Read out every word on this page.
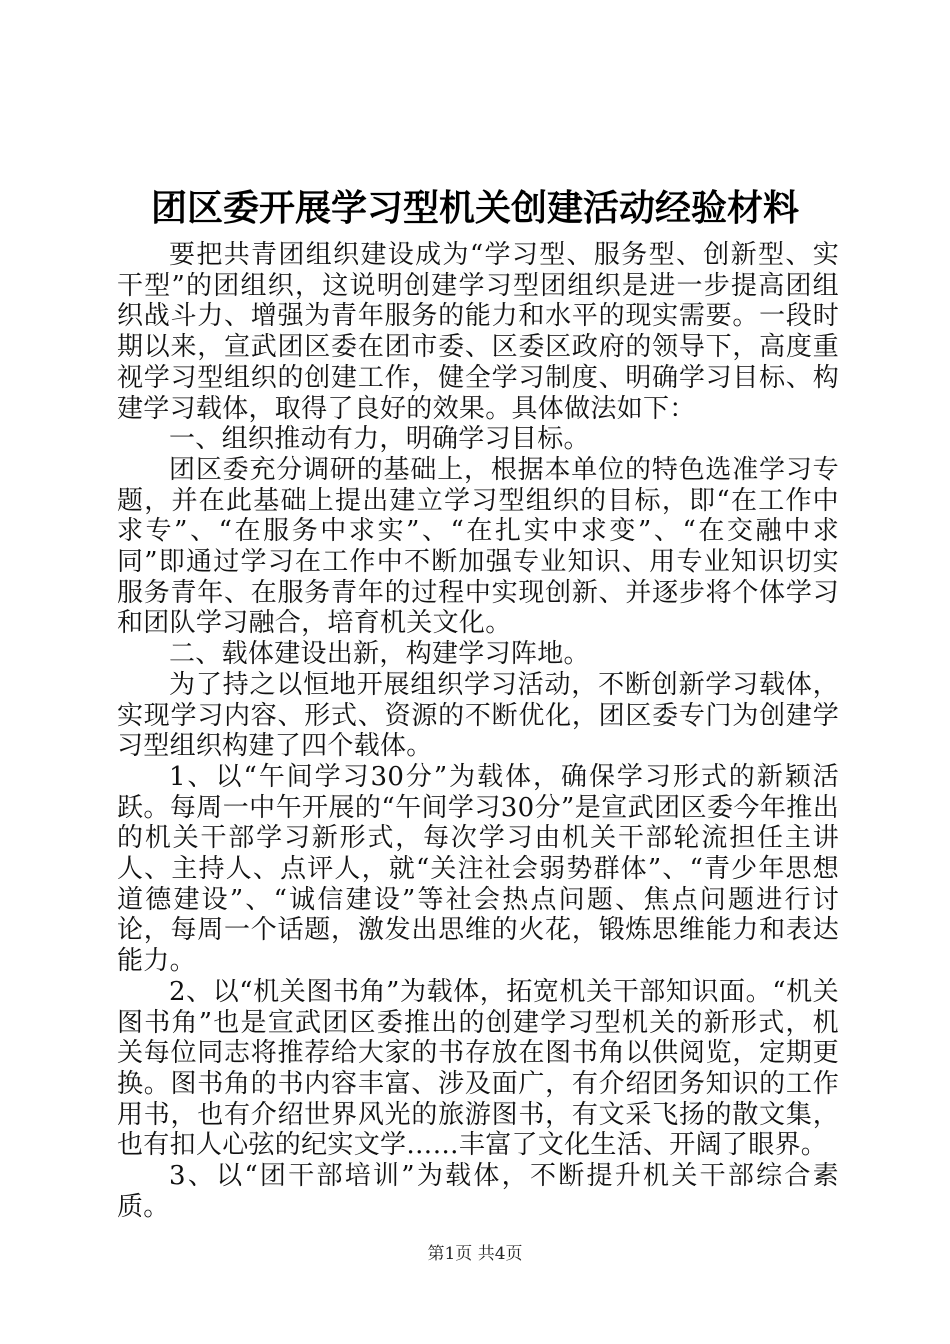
团区委开展学习型机关创建活动经验材料

要把共青团组织建设成为“学习型、服务型、创新型、实干型”的团组织，这说明创建学习型团组织是进一步提高团组织战斗力、增强为青年服务的能力和水平的现实需要。一段时期以来，宣武团区委在团市委、区委区政府的领导下，高度重视学习型组织的创建工作，健全学习制度、明确学习目标、构建学习载体，取得了良好的效果。具体做法如下：

一、组织推动有力，明确学习目标。

团区委充分调研的基础上，根据本单位的特色选准学习专题，并在此基础上提出建立学习型组织的目标，即“在工作中求专”、“在服务中求实”、“在扎实中求变”、“在交融中求同”即通过学习在工作中不断加强专业知识、用专业知识切实服务青年、在服务青年的过程中实现创新、并逐步将个体学习和团队学习融合，培育机关文化。

二、载体建设出新，构建学习阵地。

为了持之以恒地开展组织学习活动，不断创新学习载体，实现学习内容、形式、资源的不断优化，团区委专门为创建学习型组织构建了四个载体。

1、以“午间学习30分”为载体，确保学习形式的新颖活跃。每周一中午开展的“午间学习30分”是宣武团区委今年推出的机关干部学习新形式，每次学习由机关干部轮流担任主讲人、主持人、点评人，就“关注社会弱势群体”、“青少年思想道德建设”、“诚信建设”等社会热点问题、焦点问题进行讨论，每周一个话题，激发出思维的火花，锻炼思维能力和表达能力。

2、以“机关图书角”为载体，拓宽机关干部知识面。“机关图书角”也是宣武团区委推出的创建学习型机关的新形式，机关每位同志将推荐给大家的书存放在图书角以供阅览，定期更换。图书角的书内容丰富、涉及面广，有介绍团务知识的工作用书，也有介绍世界风光的旅游图书，有文采飞扬的散文集，也有扣人心弦的纪实文学……丰富了文化生活、开阔了眼界。

3、以“团干部培训”为载体，不断提升机关干部综合素质。

第1页 共4页
